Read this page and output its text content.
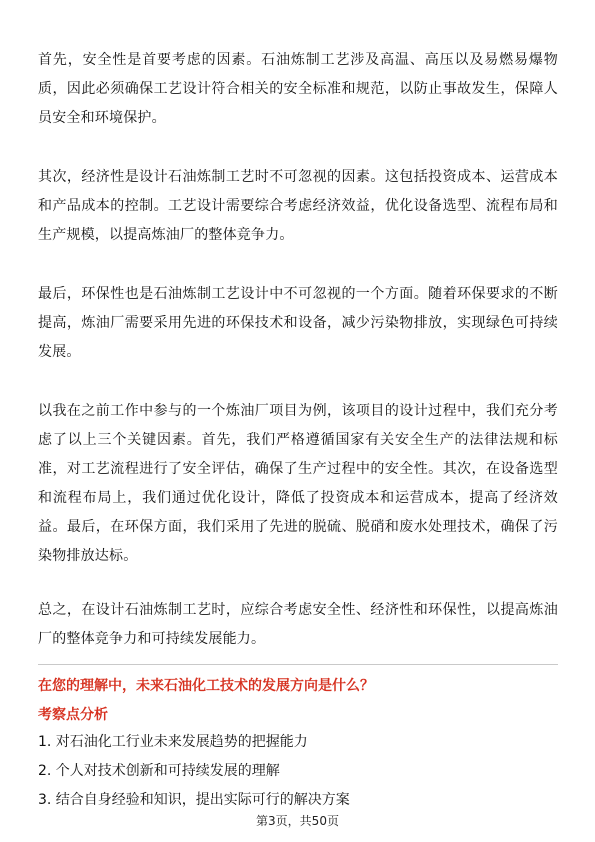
首先，安全性是首要考虑的因素。石油炼制工艺涉及高温、高压以及易燃易爆物质，因此必须确保工艺设计符合相关的安全标准和规范，以防止事故发生，保障人员安全和环境保护。

其次，经济性是设计石油炼制工艺时不可忽视的因素。这包括投资成本、运营成本和产品成本的控制。工艺设计需要综合考虑经济效益，优化设备选型、流程布局和生产规模，以提高炼油厂的整体竞争力。

最后，环保性也是石油炼制工艺设计中不可忽视的一个方面。随着环保要求的不断提高，炼油厂需要采用先进的环保技术和设备，减少污染物排放，实现绿色可持续发展。

以我在之前工作中参与的一个炼油厂项目为例，该项目的设计过程中，我们充分考虑了以上三个关键因素。首先，我们严格遵循国家有关安全生产的法律法规和标准，对工艺流程进行了安全评估，确保了生产过程中的安全性。其次，在设备选型和流程布局上，我们通过优化设计，降低了投资成本和运营成本，提高了经济效益。最后，在环保方面，我们采用了先进的脱硫、脱硝和废水处理技术，确保了污染物排放达标。

总之，在设计石油炼制工艺时，应综合考虑安全性、经济性和环保性，以提高炼油厂的整体竞争力和可持续发展能力。

在您的理解中，未来石油化工技术的发展方向是什么？

考察点分析

1. 对石油化工行业未来发展趋势的把握能力
2. 个人对技术创新和可持续发展的理解
3. 结合自身经验和知识，提出实际可行的解决方案
第3页，共50页
